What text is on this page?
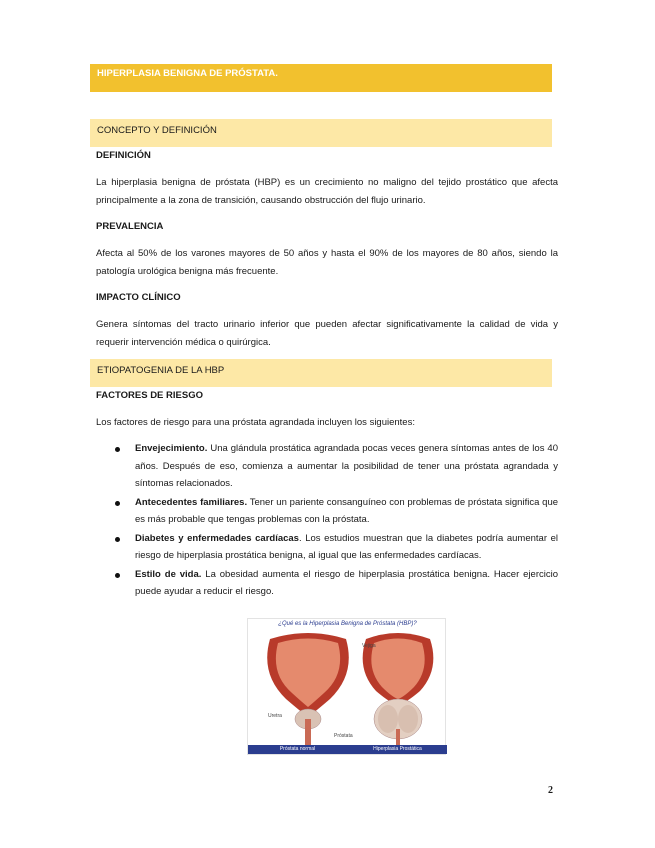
HIPERPLASIA BENIGNA DE PRÓSTATA.
CONCEPTO Y DEFINICIÓN
DEFINICIÓN
La hiperplasia benigna de próstata (HBP) es un crecimiento no maligno del tejido prostático que afecta principalmente a la zona de transición, causando obstrucción del flujo urinario.
PREVALENCIA
Afecta al 50% de los varones mayores de 50 años y hasta el 90% de los mayores de 80 años, siendo la patología urológica benigna más frecuente.
IMPACTO CLÍNICO
Genera síntomas del tracto urinario inferior que pueden afectar significativamente la calidad de vida y requerir intervención médica o quirúrgica.
ETIOPATOGENIA DE LA HBP
FACTORES DE RIESGO
Los factores de riesgo para una próstata agrandada incluyen los siguientes:
Envejecimiento. Una glándula prostática agrandada pocas veces genera síntomas antes de los 40 años. Después de eso, comienza a aumentar la posibilidad de tener una próstata agrandada y síntomas relacionados.
Antecedentes familiares. Tener un pariente consanguíneo con problemas de próstata significa que es más probable que tengas problemas con la próstata.
Diabetes y enfermedades cardíacas. Los estudios muestran que la diabetes podría aumentar el riesgo de hiperplasia prostática benigna, al igual que las enfermedades cardíacas.
Estilo de vida. La obesidad aumenta el riesgo de hiperplasia prostática benigna. Hacer ejercicio puede ayudar a reducir el riesgo.
¿Qué es la Hiperplasia Benigna de Próstata (HBP)?
Vejiga
Uretra
Próstata
Próstata normal	Hiperplasia Prostática
2
